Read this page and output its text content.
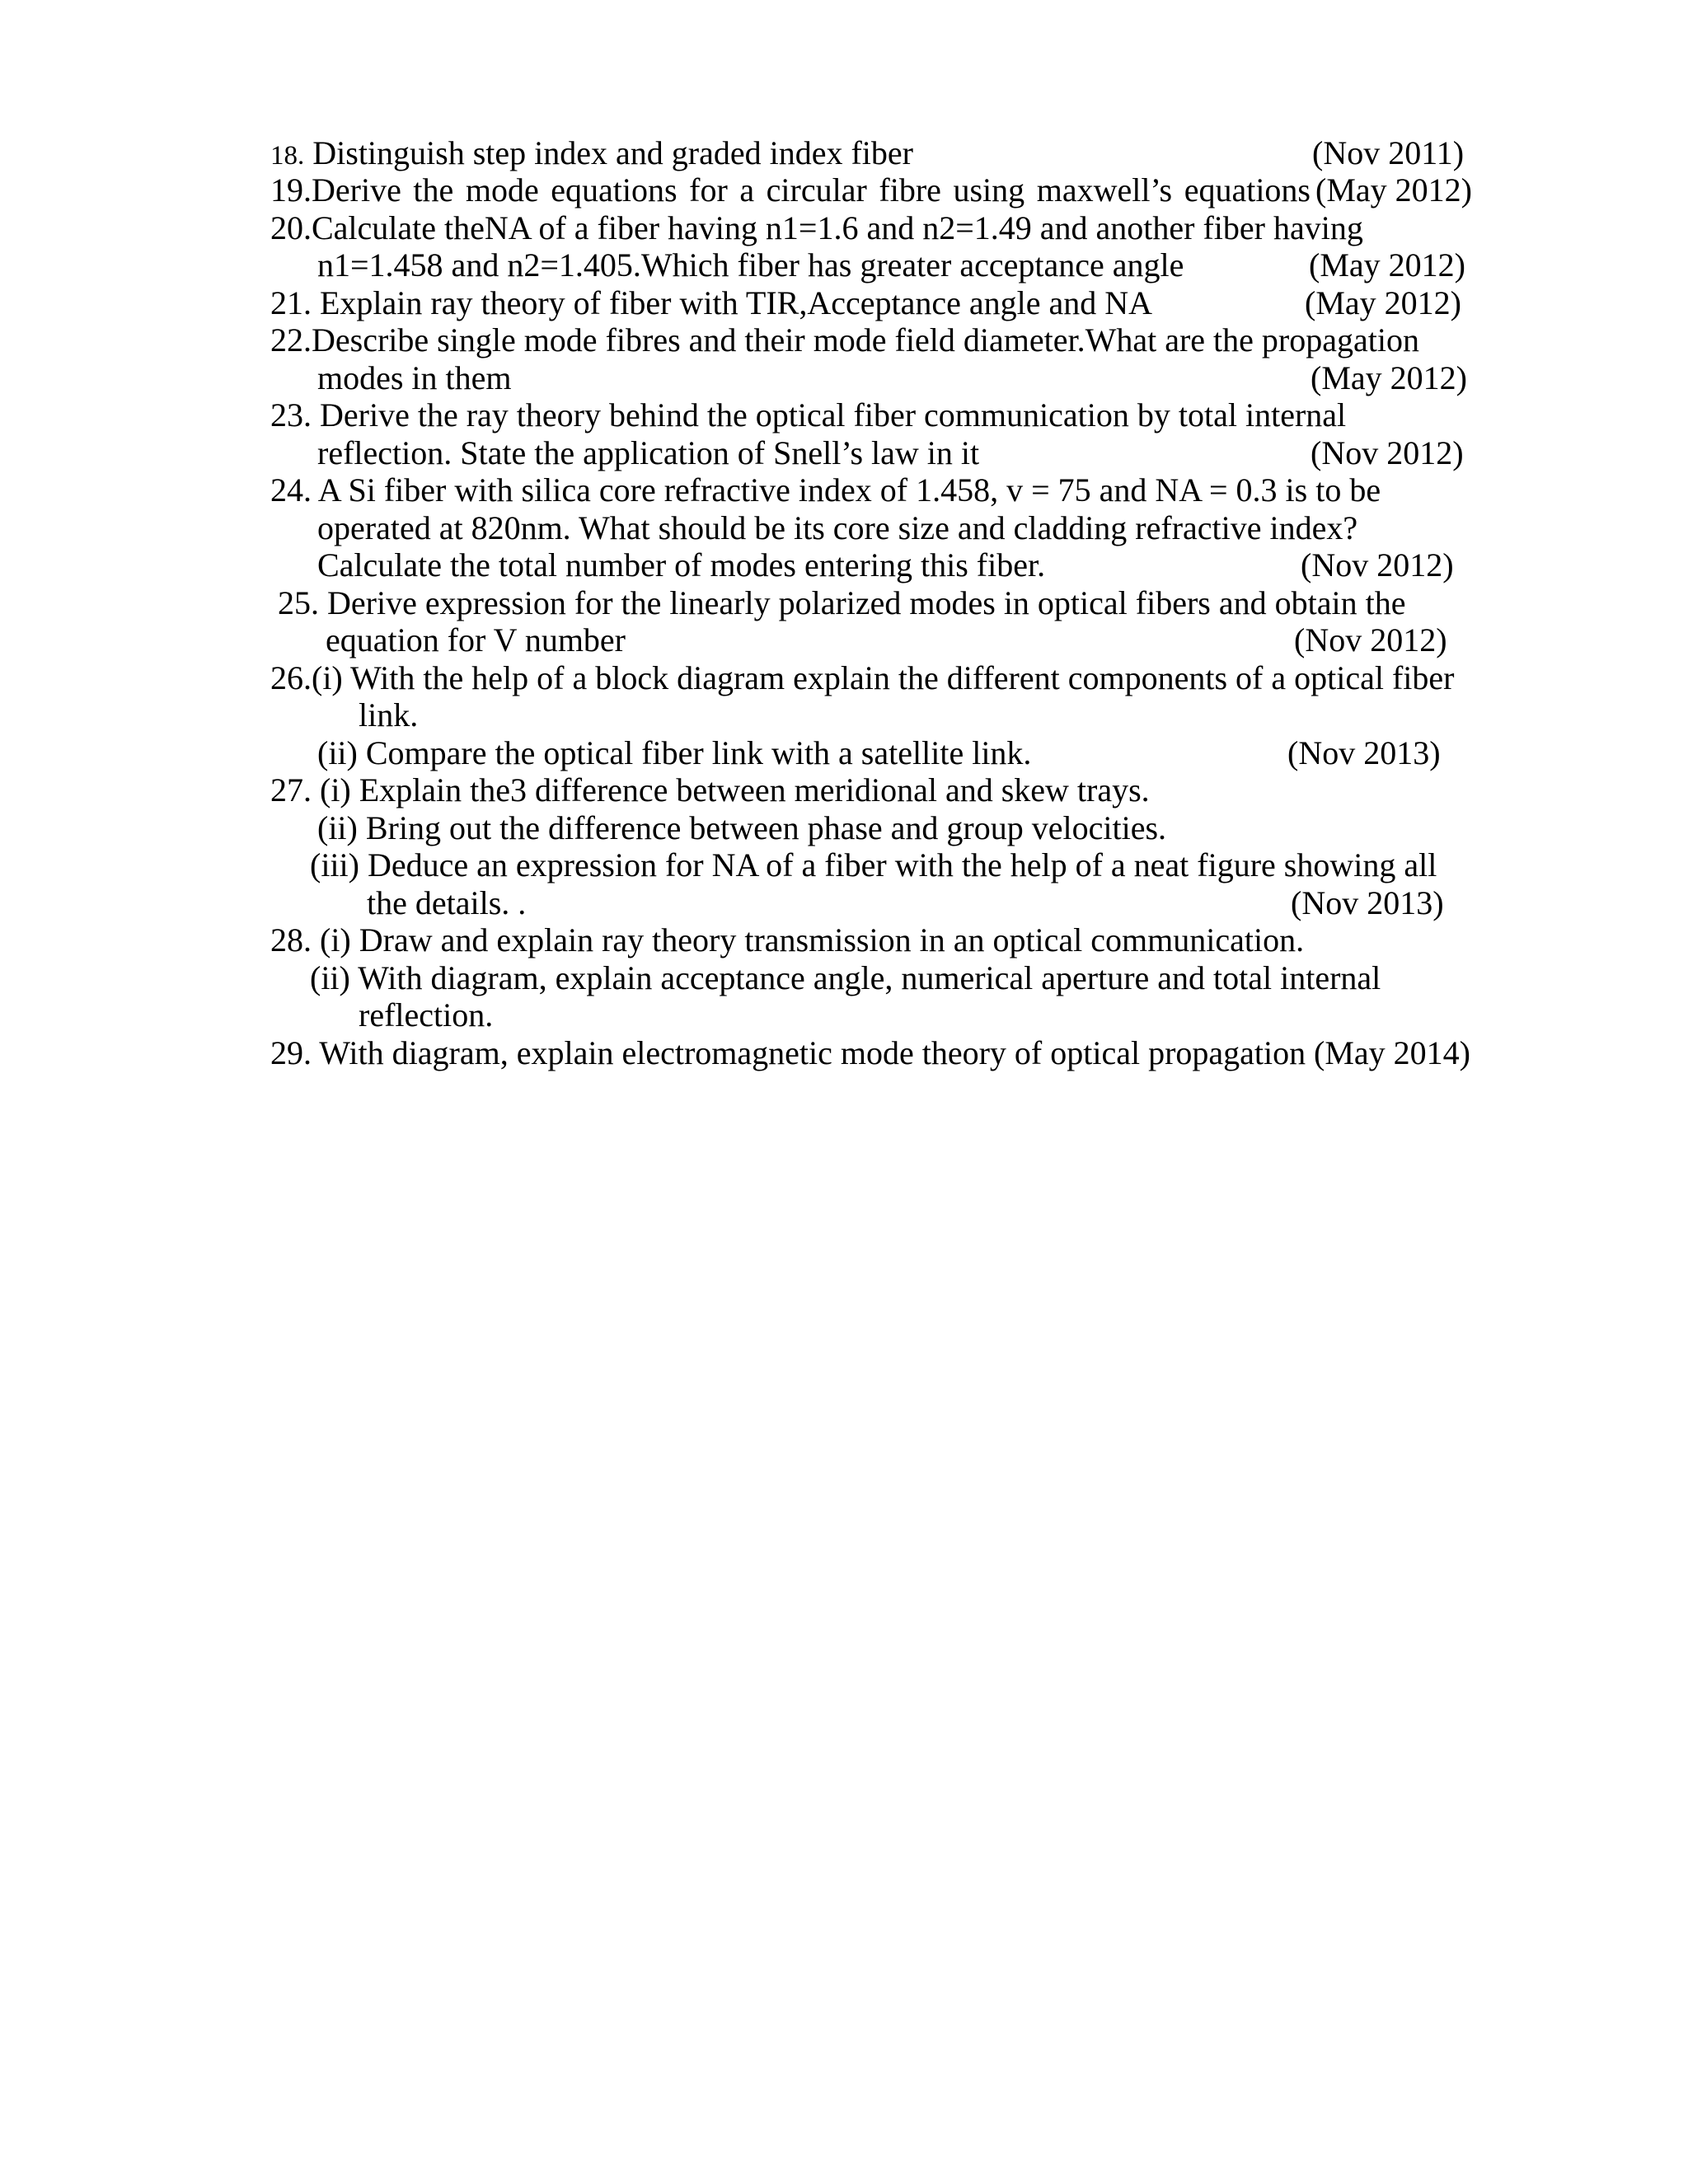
18. Distinguish step index and graded index fiber	(Nov 2011)
19.Derive the mode equations for a circular fibre using maxwell’s equations (May 2012)
20.Calculate theNA of a fiber having n1=1.6 and n2=1.49 and another fiber having
n1=1.458 and n2=1.405.Which fiber has greater acceptance angle	(May 2012)
21. Explain ray theory of fiber with TIR,Acceptance angle and NA	(May 2012)
22.Describe single mode fibres and their mode field diameter.What are the propagation
modes in them	(May 2012)
23. Derive the ray theory behind the optical fiber communication by total internal
reflection. State the application of Snell’s law in it	(Nov 2012)
24. A Si fiber with silica core refractive index of 1.458, v = 75 and NA = 0.3 is to be
operated at 820nm. What should be its core size and cladding refractive index?
Calculate the total number of modes entering this fiber.	(Nov 2012)
25. Derive expression for the linearly polarized modes in optical fibers and obtain the
equation for V number	(Nov 2012)
26.(i) With the help of a block diagram explain the different components of a optical fiber
link.
(ii) Compare the optical fiber link with a satellite link.	(Nov 2013)
27. (i) Explain the3 difference between meridional and skew trays.
(ii) Bring out the difference between phase and group velocities.
(iii) Deduce an expression for NA of a fiber with the help of a neat figure showing all
the details. .	(Nov 2013)
28. (i) Draw and explain ray theory transmission in an optical communication.
(ii) With diagram, explain acceptance angle, numerical aperture and total internal
reflection.
29. With diagram, explain electromagnetic mode theory of optical propagation (May 2014)
